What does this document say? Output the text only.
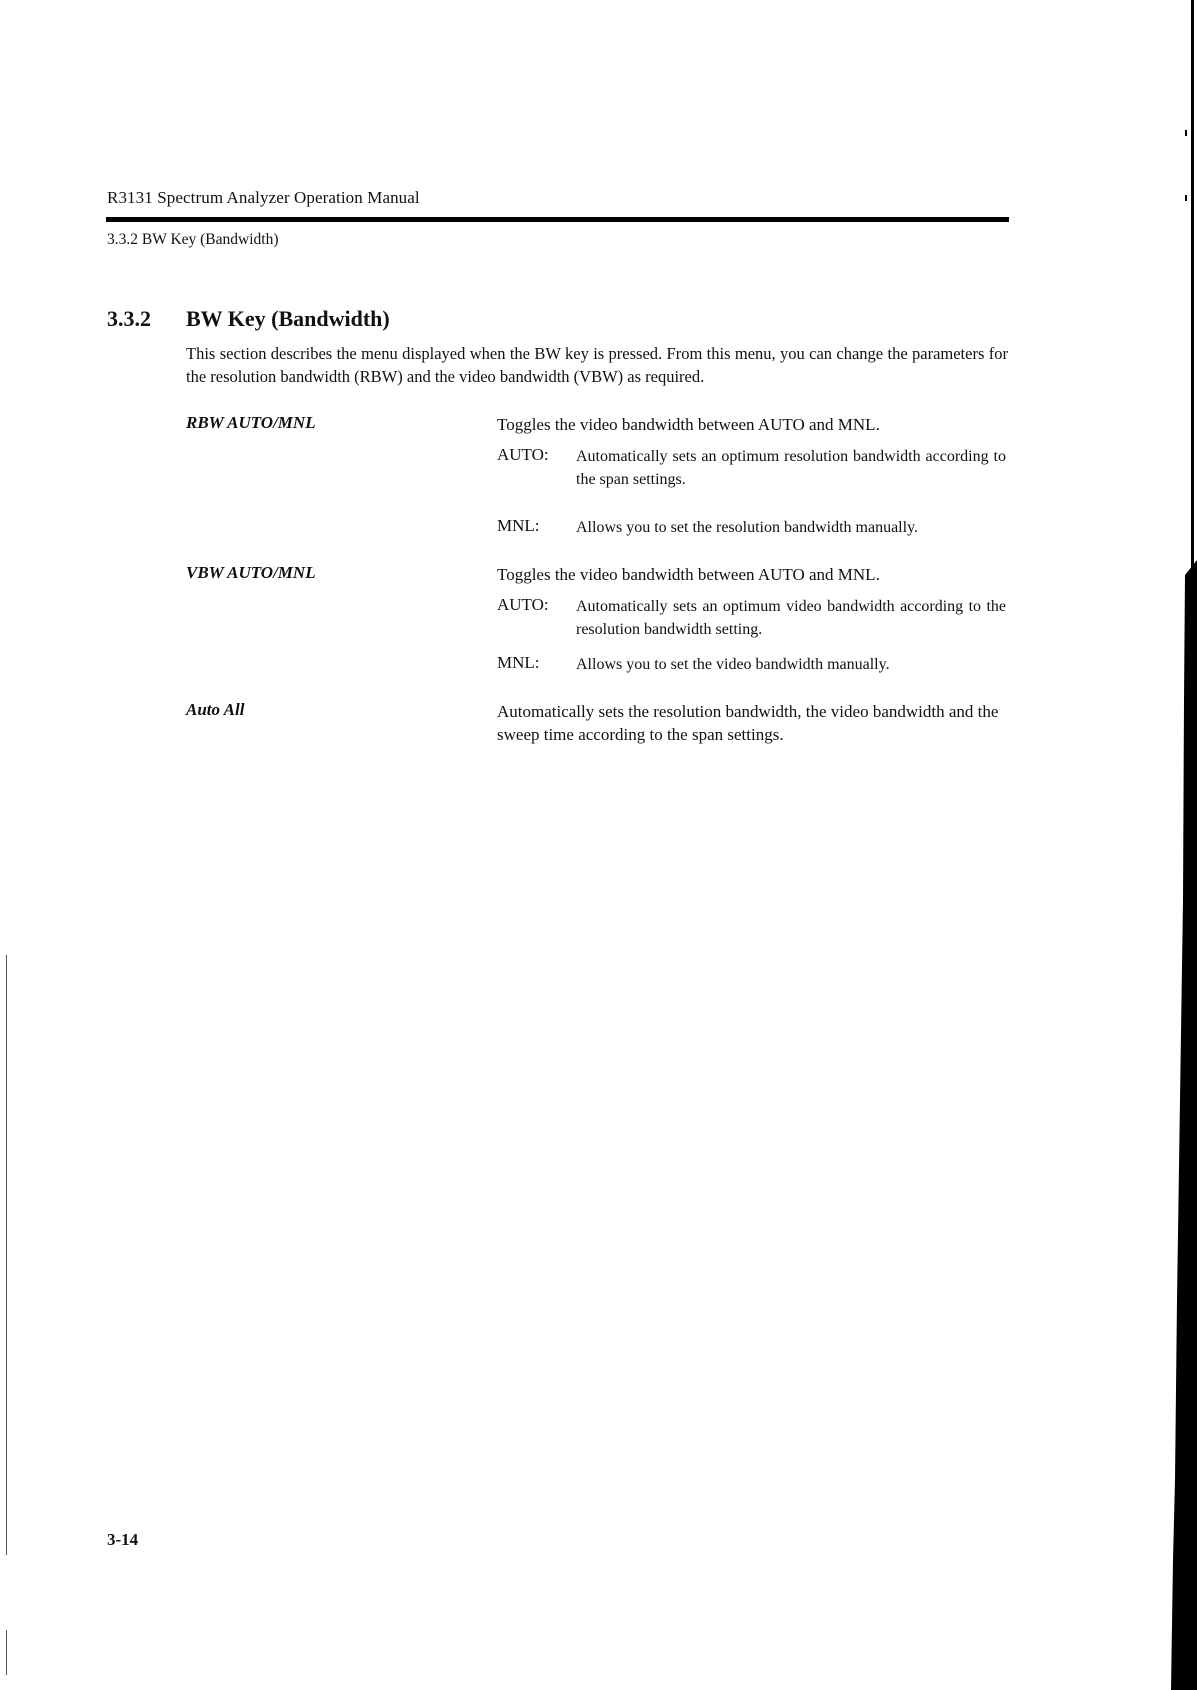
R3131 Spectrum Analyzer Operation Manual
3.3.2 BW Key (Bandwidth)
3.3.2 BW Key (Bandwidth)
This section describes the menu displayed when the BW key is pressed. From this menu, you can change the parameters for the resolution bandwidth (RBW) and the video bandwidth (VBW) as required.
RBW AUTO/MNL	Toggles the video bandwidth between AUTO and MNL.
AUTO: Automatically sets an optimum resolution bandwidth according to the span settings.
MNL: Allows you to set the resolution bandwidth manually.
VBW AUTO/MNL	Toggles the video bandwidth between AUTO and MNL.
AUTO: Automatically sets an optimum video bandwidth according to the resolution bandwidth setting.
MNL: Allows you to set the video bandwidth manually.
Auto All	Automatically sets the resolution bandwidth, the video bandwidth and the sweep time according to the span settings.
3-14
